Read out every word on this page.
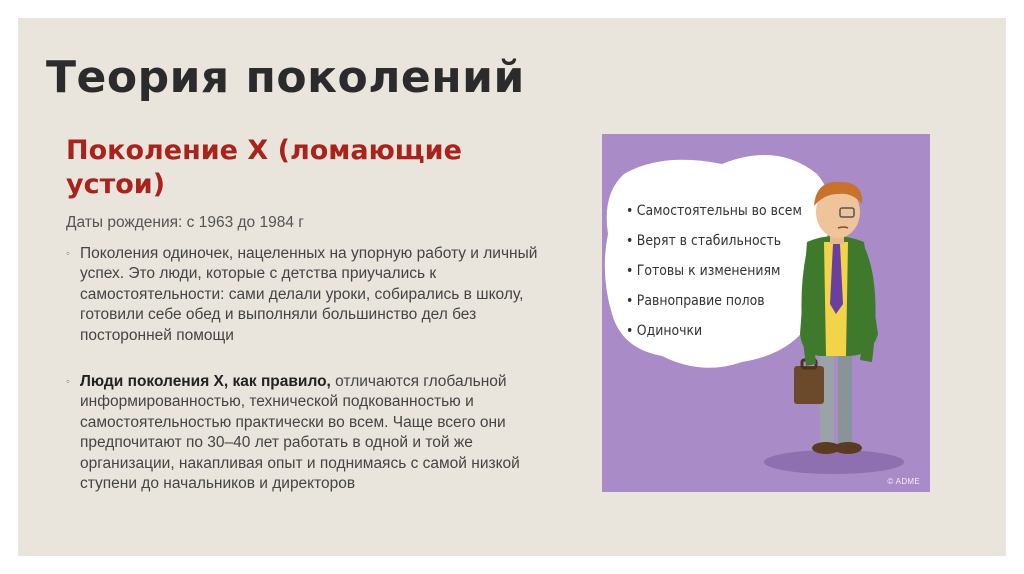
Теория поколений
Поколение Х (ломающие устои)
Даты рождения: с 1963 до 1984 г
◦ Поколения одиночек, нацеленных на упорную работу и личный успех. Это люди, которые с детства приучались к самостоятельности: сами делали уроки, собирались в школу, готовили себе обед и выполняли большинство дел без посторонней помощи
◦ Люди поколения Х, как правило, отличаются глобальной информированностью, технической подкованностью и самостоятельностью практически во всем. Чаще всего они предпочитают по 30–40 лет работать в одной и той же организации, накапливая опыт и поднимаясь с самой низкой ступени до начальников и директоров
• Самостоятельны во всем
• Верят в стабильность
• Готовы к изменениям
• Равноправие полов
• Одиночки
© ADME
